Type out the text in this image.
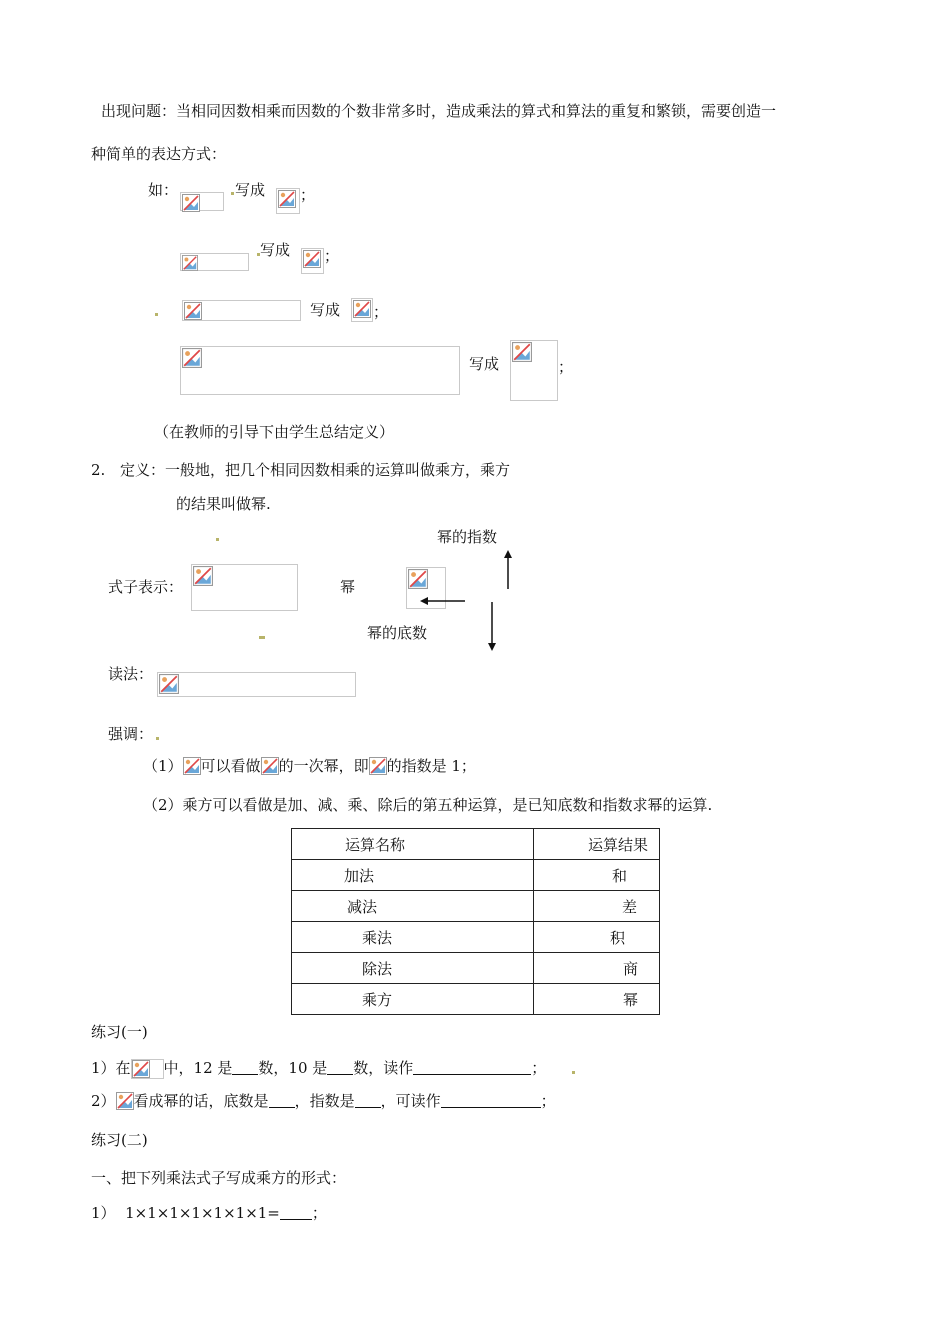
出现问题：当相同因数相乘而因数的个数非常多时，造成乘法的算式和算法的重复和繁锁，需要创造一
种简单的表达方式：
如：	写成 ；
写成 ；
写成 ；
写成	；
（在教师的引导下由学生总结定义）
2. 定义：一般地，把几个相同因数相乘的运算叫做乘方，乘方
的结果叫做幂.
幂的指数
式子表示：	幂
幂的底数
读法：
强调：
（1） 可以看做 的一次幂，即 的指数是 1；
（2）乘方可以看做是加、减、乘、除后的第五种运算，是已知底数和指数求幂的运算.
运算名称	运算结果
加法	和
减法	差
乘法	积
除法	商
乘方	幂
练习(一)
1）在 中，12 是 数，10 是 数，读作	；
2） 看成幂的话，底数是 ，指数是 ，可读作	；
练习(二)
一、把下列乘法式子写成乘方的形式：
1） 1×1×1×1×1×1×1= ；
